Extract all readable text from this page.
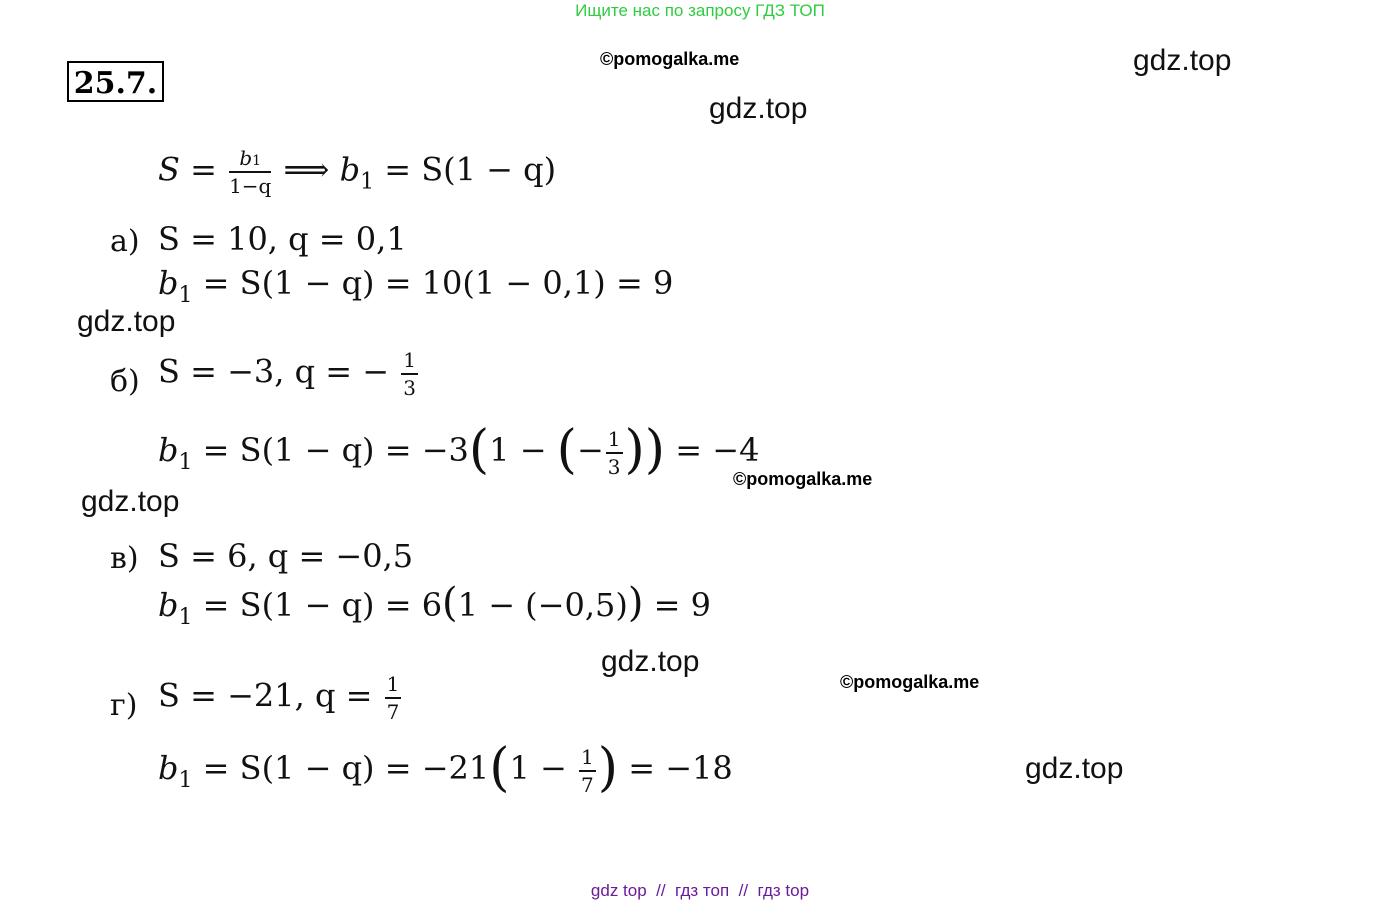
Ищите нас по запросу ГДЗ ТОП
25.7.
©pomogalka.me	gdz.top
gdz.top
gdz.top
gdz.top
©pomogalka.me
gdz.top
©pomogalka.me
gdz.top
$S = \frac{b1}{1-q}$ ⟹ $b_1 = S(1 - q)$
а) S = 10, q = 0,1
$b_1 = S(1 - q) = 10(1 - 0,1) = 9$
б) S = −3, q = − $\frac{1}{3}$
$b_1 = S(1 - q) = -3(1$ − (− $\frac{1}{3}$ )) = −4
в) S = 6, q = −0,5
$b_1 = S(1 - q) = 6(1 - (-0,5)) = 9$
г) S = −21, $q = \frac{1}{7}$
$b_1 = S(1 - q) = -21(1 - \frac{1}{7}$ ) = −18
gdz top // гдз топ // гдз top
